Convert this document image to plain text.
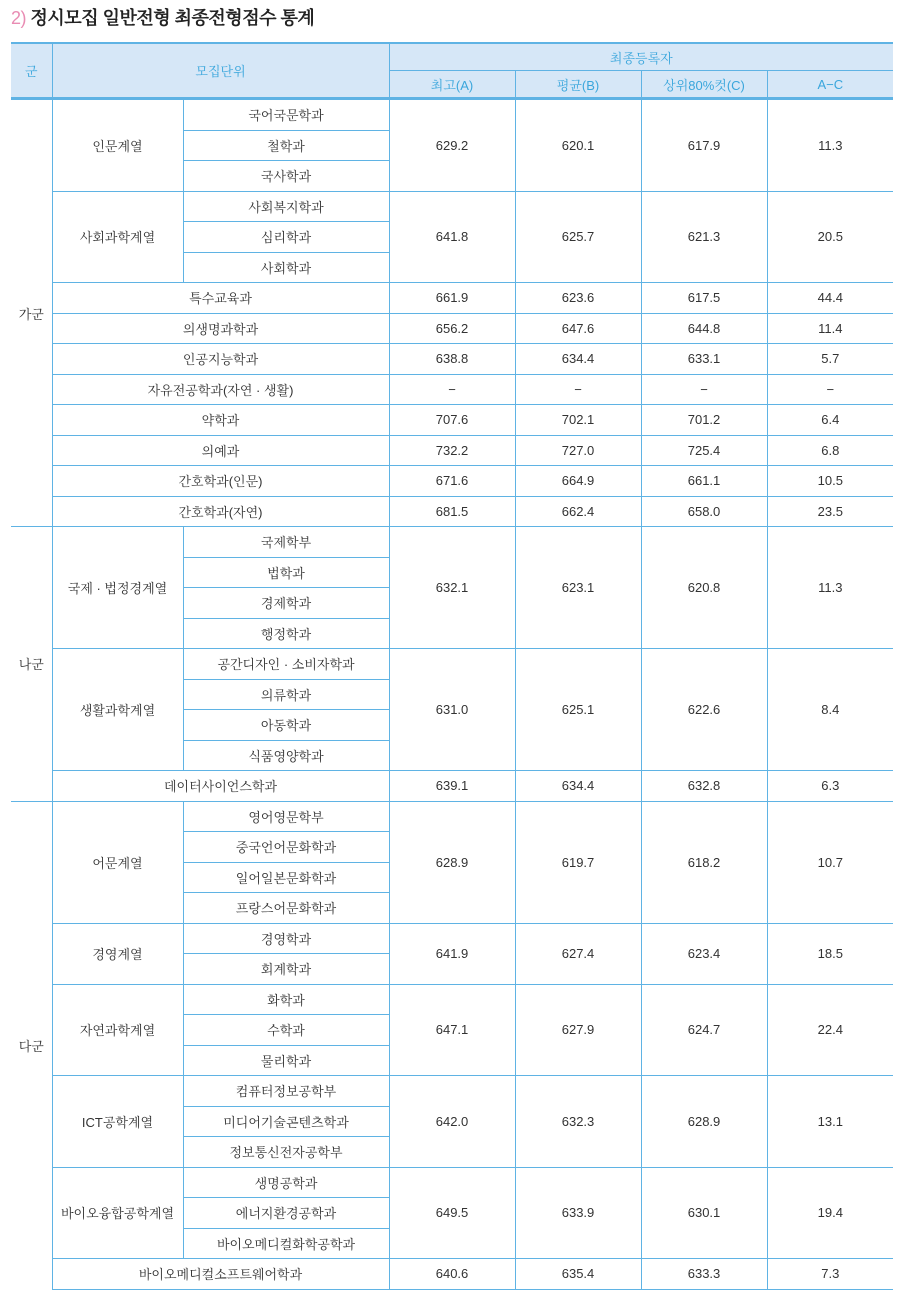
2) 정시모집 일반전형 최종전형점수 통계
군	모집단위		최종등록자			
			최고(A)	평균(B)	상위80%컷(C)	A−C
가군	인문계열	국어국문학과	629.2	620.1	617.9	11.3
		철학과				
		국사학과				
	사회과학계열	사회복지학과	641.8	625.7	621.3	20.5
		심리학과				
		사회학과				
	특수교육과		661.9	623.6	617.5	44.4
	의생명과학과		656.2	647.6	644.8	11.4
	인공지능학과		638.8	634.4	633.1	5.7
	자유전공학과(자연 · 생활)		−	−	−	−
	약학과		707.6	702.1	701.2	6.4
	의예과		732.2	727.0	725.4	6.8
	간호학과(인문)		671.6	664.9	661.1	10.5
	간호학과(자연)		681.5	662.4	658.0	23.5
나군	국제 · 법정경계열	국제학부	632.1	623.1	620.8	11.3
		법학과				
		경제학과				
		행정학과				
	생활과학계열	공간디자인 · 소비자학과	631.0	625.1	622.6	8.4
		의류학과				
		아동학과				
		식품영양학과				
	데이터사이언스학과		639.1	634.4	632.8	6.3
다군	어문계열	영어영문학부	628.9	619.7	618.2	10.7
		중국언어문화학과				
		일어일본문화학과				
		프랑스어문화학과				
	경영계열	경영학과	641.9	627.4	623.4	18.5
		회계학과				
	자연과학계열	화학과	647.1	627.9	624.7	22.4
		수학과				
		물리학과				
	ICT공학계열	컴퓨터정보공학부	642.0	632.3	628.9	13.1
		미디어기술콘텐츠학과				
		정보통신전자공학부				
	바이오융합공학계열	생명공학과	649.5	633.9	630.1	19.4
		에너지환경공학과				
		바이오메디컬화학공학과				
	바이오메디컬소프트웨어학과		640.6	635.4	633.3	7.3
